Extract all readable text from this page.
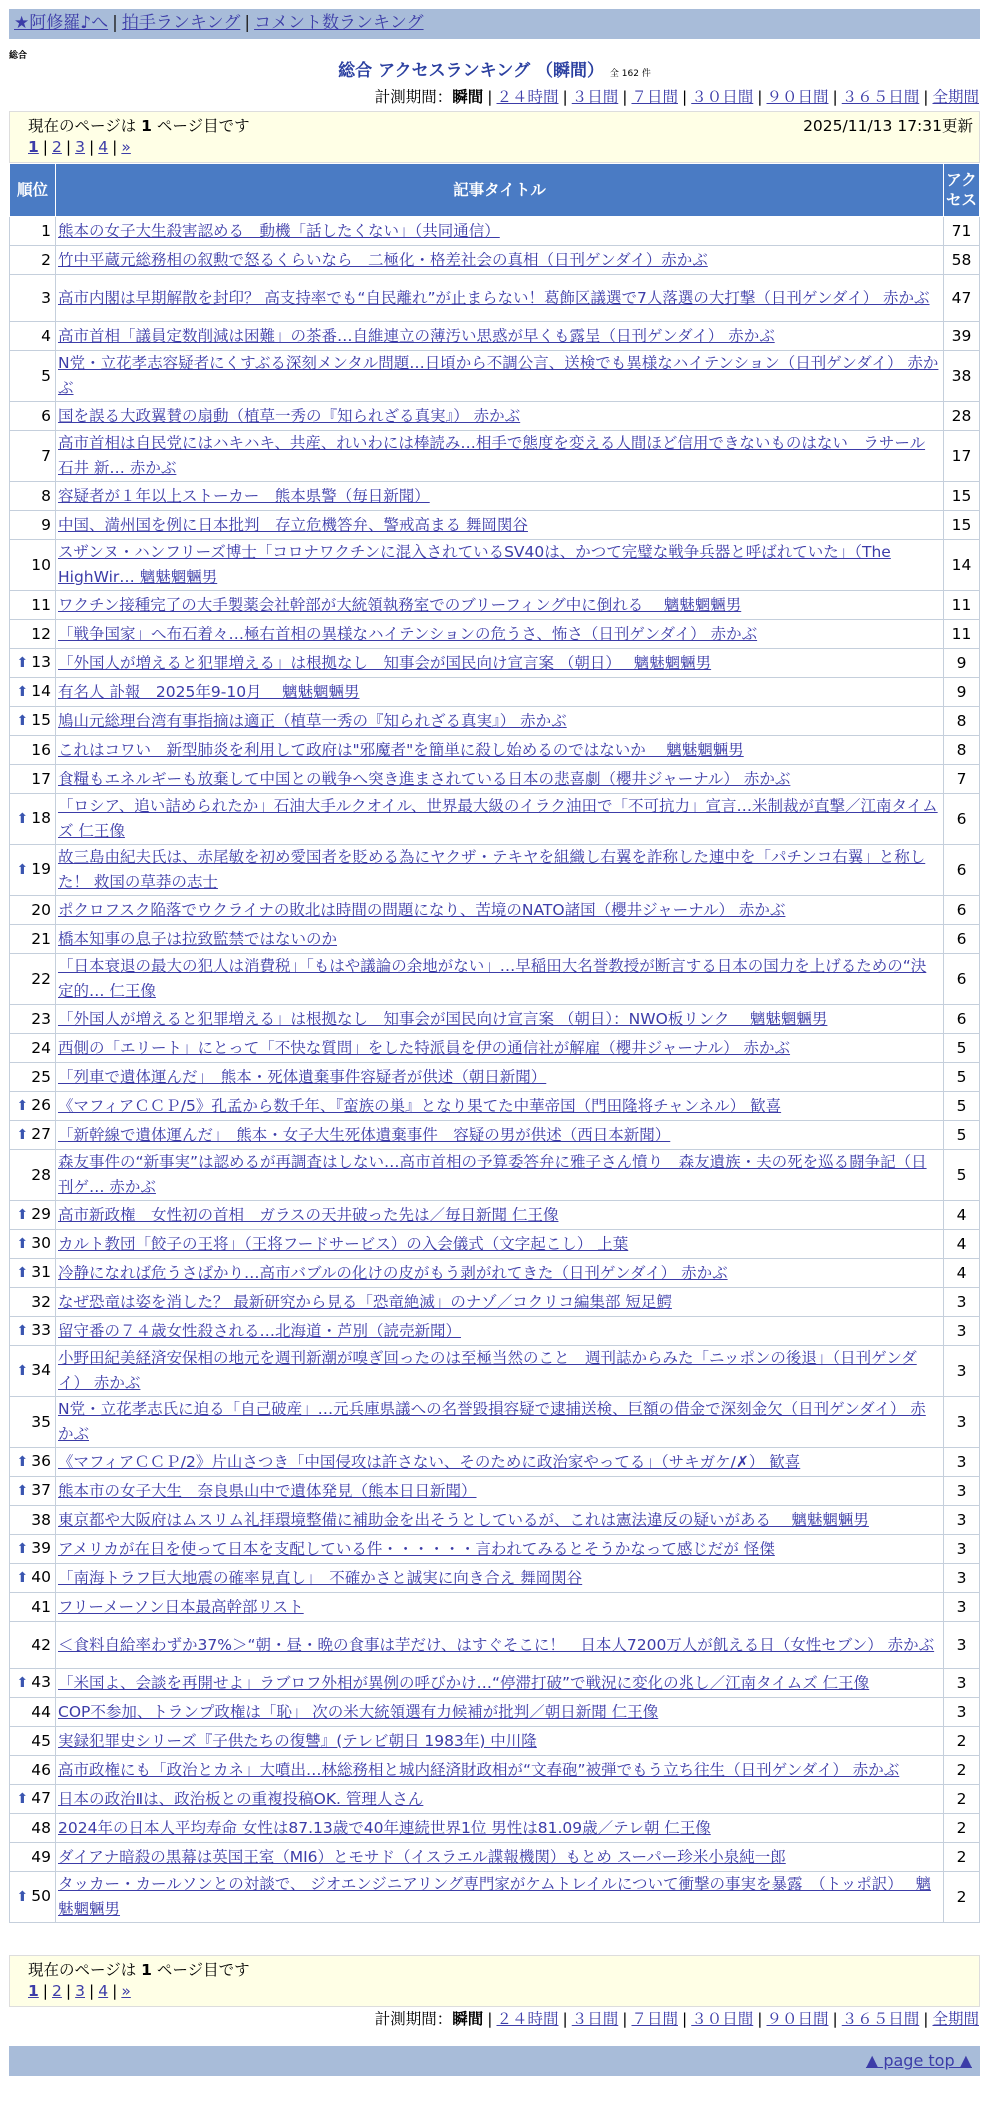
★阿修羅♪へ | 拍手ランキング | コメント数ランキング
総合
総合 アクセスランキング （瞬間） 全 162 件
計測期間：瞬間 | ２４時間 | ３日間 | ７日間 | ３０日間 | ９０日間 | ３６５日間 | 全期間
現在のページは 1 ページ目です	2025/11/13 17:31更新
1 | 2 | 3 | 4 | »
順位	記事タイトル	アクセス
1	熊本の女子大生殺害認める　動機「話したくない」（共同通信）	71
2	竹中平蔵元総務相の叙勲で怒るくらいなら　二極化・格差社会の真相（日刊ゲンダイ）赤かぶ	58
3	高市内閣は早期解散を封印？ 高支持率でも“自民離れ”が止まらない！葛飾区議選で7人落選の大打撃（日刊ゲンダイ） 赤かぶ	47
4	高市首相「議員定数削減は困難」の茶番…自維連立の薄汚い思惑が早くも露呈（日刊ゲンダイ） 赤かぶ	39
5	N党・立花孝志容疑者にくすぶる深刻メンタル問題…日頃から不調公言、送検でも異様なハイテンション（日刊ゲンダイ） 赤かぶ	38
6	国を誤る大政翼賛の扇動（植草一秀の『知られざる真実』） 赤かぶ	28
7	高市首相は自民党にはハキハキ、共産、れいわには棒読み…相手で態度を変える人間ほど信用できないものはない　ラサール石井 新… 赤かぶ	17
8	容疑者が１年以上ストーカー　熊本県警（毎日新聞）	15
9	中国、満州国を例に日本批判　存立危機答弁、警戒高まる 舞岡関谷	15
10	スザンヌ・ハンフリーズ博士「コロナワクチンに混入されているSV40は、かつて完璧な戦争兵器と呼ばれていた」（The HighWir… 魑魅魍魎男	14
11	ワクチン接種完了の大手製薬会社幹部が大統領執務室でのブリーフィング中に倒れる　 魑魅魍魎男	11
12	「戦争国家」へ布石着々…極右首相の異様なハイテンションの危うさ、怖さ（日刊ゲンダイ） 赤かぶ	11
⬆ 13	「外国人が増えると犯罪増える」は根拠なし　知事会が国民向け宣言案 （朝日）　 魑魅魍魎男	9
⬆ 14	有名人 訃報　2025年9-10月　 魑魅魍魎男	9
⬆ 15	鳩山元総理台湾有事指摘は適正（植草一秀の『知られざる真実』） 赤かぶ	8
16	これはコワい　新型肺炎を利用して政府は"邪魔者"を簡単に殺し始めるのではないか　 魑魅魍魎男	8
17	食糧もエネルギーも放棄して中国との戦争へ突き進まされている日本の悲喜劇（櫻井ジャーナル） 赤かぶ	7
⬆ 18	「ロシア、追い詰められたか」石油大手ルクオイル、世界最大級のイラク油田で「不可抗力」宣言…米制裁が直撃／江南タイムズ 仁王像	6
⬆ 19	故三島由紀夫氏は、赤尾敏を初め愛国者を貶める為にヤクザ・テキヤを組織し右翼を詐称した連中を「パチンコ右翼」と称した！ 救国の草莽の志士	6
20	ポクロフスク陥落でウクライナの敗北は時間の問題になり、苦境のNATO諸国（櫻井ジャーナル） 赤かぶ	6
21	橋本知事の息子は拉致監禁ではないのか	6
22	「日本衰退の最大の犯人は消費税」「もはや議論の余地がない」…早稲田大名誉教授が断言する日本の国力を上げるための“決定的… 仁王像	6
23	「外国人が増えると犯罪増える」は根拠なし　知事会が国民向け宣言案 （朝日）：NWO板リンク　 魑魅魍魎男	6
24	西側の「エリート」にとって「不快な質問」をした特派員を伊の通信社が解雇（櫻井ジャーナル） 赤かぶ	5
25	「列車で遺体運んだ」　熊本・死体遺棄事件容疑者が供述（朝日新聞）	5
⬆ 26	《マフィアＣＣＰ/5》孔孟から数千年、『蛮族の巣』となり果てた中華帝国（門田隆将チャンネル） 歓喜	5
⬆ 27	「新幹線で遺体運んだ」　熊本・女子大生死体遺棄事件　容疑の男が供述（西日本新聞）	5
28	森友事件の“新事実”は認めるが再調査はしない…高市首相の予算委答弁に雅子さん憤り　森友遺族・夫の死を巡る闘争記（日刊ゲ… 赤かぶ	5
⬆ 29	高市新政権　女性初の首相　ガラスの天井破った先は／毎日新聞 仁王像	4
⬆ 30	カルト教団「餃子の王将」（王将フードサービス）の入会儀式（文字起こし） 上葉	4
⬆ 31	冷静になれば危うさばかり…高市バブルの化けの皮がもう剥がれてきた（日刊ゲンダイ） 赤かぶ	4
32	なぜ恐竜は姿を消した？ 最新研究から見る「恐竜絶滅」のナゾ／コクリコ編集部 短足鰐	3
⬆ 33	留守番の７４歳女性殺される…北海道・芦別（読売新聞）	3
⬆ 34	小野田紀美経済安保相の地元を週刊新潮が嗅ぎ回ったのは至極当然のこと　週刊誌からみた「ニッポンの後退」（日刊ゲンダイ） 赤かぶ	3
35	N党・立花孝志氏に迫る「自己破産」…元兵庫県議への名誉毀損容疑で逮捕送検、巨額の借金で深刻金欠（日刊ゲンダイ） 赤かぶ	3
⬆ 36	《マフィアＣＣＰ/2》片山さつき「中国侵攻は許さない、そのために政治家やってる」（サキガケ/✗） 歓喜	3
⬆ 37	熊本市の女子大生　奈良県山中で遺体発見（熊本日日新聞）	3
38	東京都や大阪府はムスリム礼拝環境整備に補助金を出そうとしているが、これは憲法違反の疑いがある　 魑魅魍魎男	3
⬆ 39	アメリカが在日を使って日本を支配している件・・・・・・言われてみるとそうかなって感じだが 怪傑	3
⬆ 40	「南海トラフ巨大地震の確率見直し」　不確かさと誠実に向き合え 舞岡関谷	3
41	フリーメーソン日本最高幹部リスト	3
42	＜食料自給率わずか37%＞“朝・昼・晩の食事は芋だけ、はすぐそこに！　日本人7200万人が飢える日（女性セブン） 赤かぶ	3
⬆ 43	「米国よ、会談を再開せよ」ラブロフ外相が異例の呼びかけ…“停滞打破”で戦況に変化の兆し／江南タイムズ 仁王像	3
44	COP不参加、トランプ政権は「恥」 次の米大統領選有力候補が批判／朝日新聞 仁王像	3
45	実録犯罪史シリーズ『子供たちの復讐』(テレビ朝日 1983年) 中川隆	2
46	高市政権にも「政治とカネ」大噴出…林総務相と城内経済財政相が“文春砲”被弾でもう立ち往生（日刊ゲンダイ） 赤かぶ	2
⬆ 47	日本の政治Ⅱは、政治板との重複投稿OK. 管理人さん	2
48	2024年の日本人平均寿命 女性は87.13歳で40年連続世界1位 男性は81.09歳／テレ朝 仁王像	2
49	ダイアナ暗殺の黒幕は英国王室（MI6）とモサド（イスラエル諜報機関）もとめ スーパー珍米小泉純一郎	2
⬆ 50	タッカー・カールソンとの対談で、 ジオエンジニアリング専門家がケムトレイルについて衝撃の事実を暴露　（トッポ訳）　 魑魅魍魎男	2
現在のページは 1 ページ目です
1 | 2 | 3 | 4 | »
計測期間：瞬間 | ２４時間 | ３日間 | ７日間 | ３０日間 | ９０日間 | ３６５日間 | 全期間
▲ page top ▲
